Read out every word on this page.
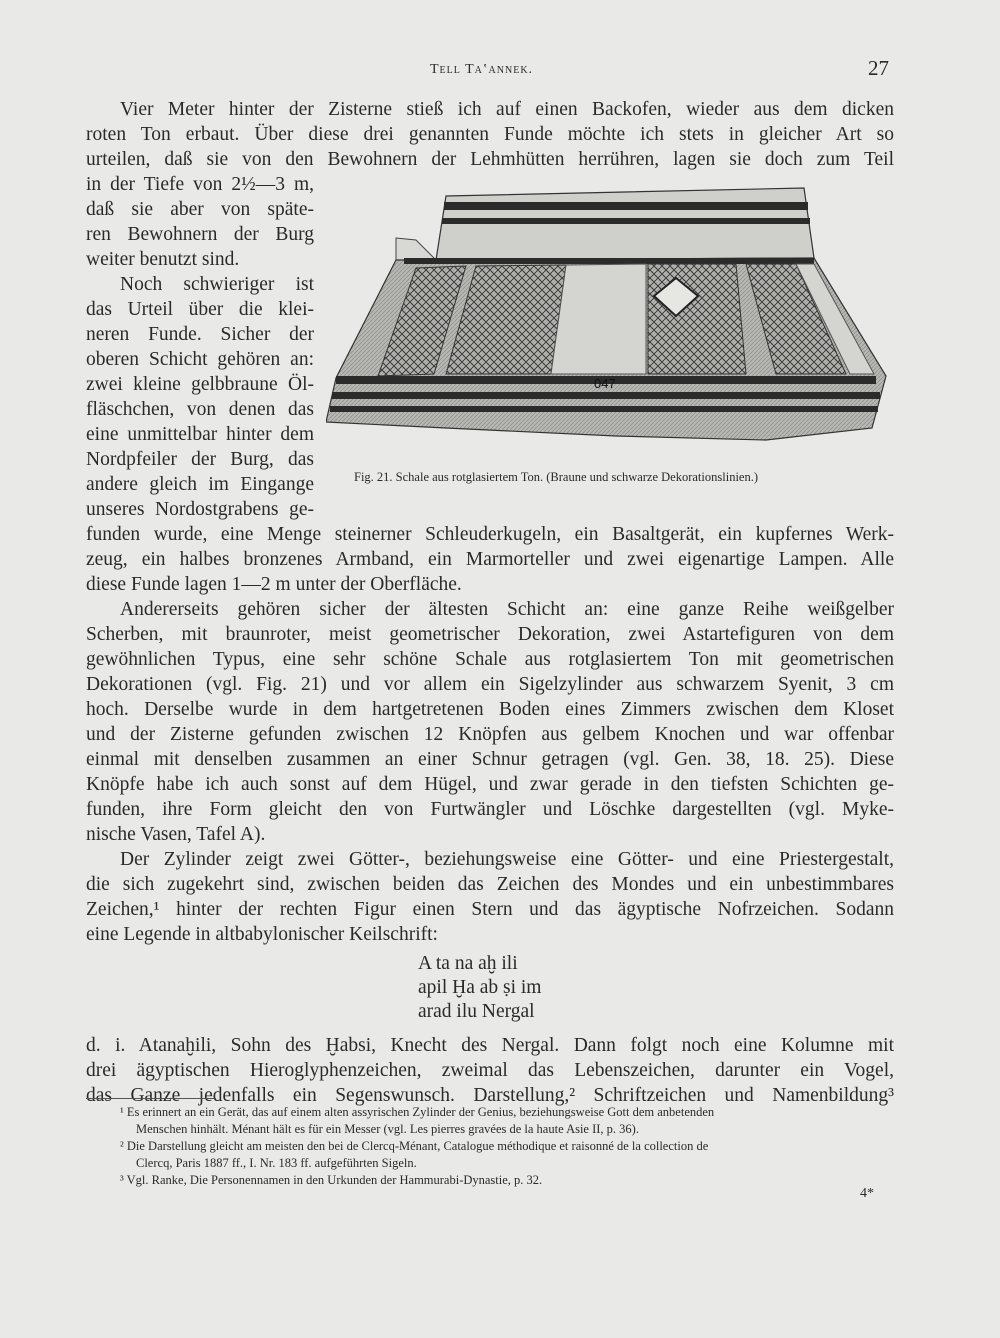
Tell Ta‛annek.	27
Vier Meter hinter der Zisterne stieß ich auf einen Backofen, wieder aus dem dicken
roten Ton erbaut. Über diese drei genannten Funde möchte ich stets in gleicher Art so
urteilen, daß sie von den Bewohnern der Lehmhütten herrühren, lagen sie doch zum Teil
in der Tiefe von 2½—3 m,
daß sie aber von späte-
ren Bewohnern der Burg
weiter benutzt sind.
Noch schwieriger ist
das Urteil über die klei-
neren Funde. Sicher der
oberen Schicht gehören an:
zwei kleine gelbbraune Öl-
fläschchen, von denen das
eine unmittelbar hinter dem
Nordpfeiler der Burg, das
andere gleich im Eingange
unseres Nordostgrabens ge-
funden wurde, eine Menge steinerner Schleuderkugeln, ein Basaltgerät, ein kupfernes Werk-
zeug, ein halbes bronzenes Armband, ein Marmorteller und zwei eigenartige Lampen. Alle
diese Funde lagen 1—2 m unter der Oberfläche.
Andererseits gehören sicher der ältesten Schicht an: eine ganze Reihe weißgelber
Scherben, mit braunroter, meist geometrischer Dekoration, zwei Astartefiguren von dem
gewöhnlichen Typus, eine sehr schöne Schale aus rotglasiertem Ton mit geometrischen
Dekorationen (vgl. Fig. 21) und vor allem ein Sigelzylinder aus schwarzem Syenit, 3 cm
hoch. Derselbe wurde in dem hartgetretenen Boden eines Zimmers zwischen dem Kloset
und der Zisterne gefunden zwischen 12 Knöpfen aus gelbem Knochen und war offenbar
einmal mit denselben zusammen an einer Schnur getragen (vgl. Gen. 38, 18. 25). Diese
Knöpfe habe ich auch sonst auf dem Hügel, und zwar gerade in den tiefsten Schichten ge-
funden, ihre Form gleicht den von Furtwängler und Löschke dargestellten (vgl. Myke-
nische Vasen, Tafel A).
Der Zylinder zeigt zwei Götter-, beziehungsweise eine Götter- und eine Priestergestalt,
die sich zugekehrt sind, zwischen beiden das Zeichen des Mondes und ein unbestimmbares
Zeichen,¹ hinter der rechten Figur einen Stern und das ägyptische Nofrzeichen. Sodann
eine Legende in altbabylonischer Keilschrift:
A ta na aḫ ili
apil Ḫa ab ṣi im
arad ilu Nergal
d. i. Atanaḫili, Sohn des Ḫabsi, Knecht des Nergal. Dann folgt noch eine Kolumne mit
drei ägyptischen Hieroglyphenzeichen, zweimal das Lebenszeichen, darunter ein Vogel,
das Ganze jedenfalls ein Segenswunsch. Darstellung,² Schriftzeichen und Namenbildung³
047
Fig. 21. Schale aus rotglasiertem Ton. (Braune und schwarze Dekorationslinien.)
¹ Es erinnert an ein Gerät, das auf einem alten assyrischen Zylinder der Genius, beziehungsweise Gott dem anbetenden
Menschen hinhält. Ménant hält es für ein Messer (vgl. Les pierres gravées de la haute Asie II, p. 36).
² Die Darstellung gleicht am meisten den bei de Clercq-Ménant, Catalogue méthodique et raisonné de la collection de
Clercq, Paris 1887 ff., I. Nr. 183 ff. aufgeführten Sigeln.
³ Vgl. Ranke, Die Personennamen in den Urkunden der Hammurabi-Dynastie, p. 32.
4*
